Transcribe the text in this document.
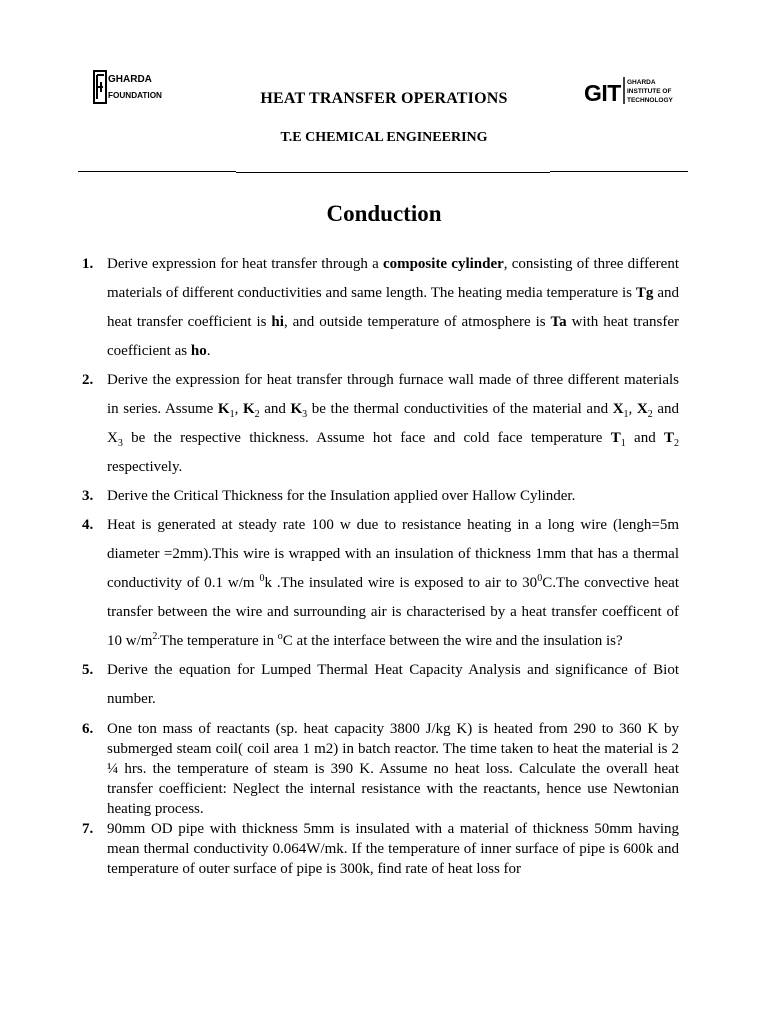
GHARDA
FOUNDATION	GIT GHARDA
INSTITUTE OF
TECHNOLOGY
HEAT TRANSFER OPERATIONS
T.E CHEMICAL ENGINEERING
Conduction
1. Derive expression for heat transfer through a composite cylinder, consisting of three different materials of different conductivities and same length. The heating media temperature is Tg and heat transfer coefficient is hi, and outside temperature of atmosphere is Ta with heat transfer coefficient as ho.
2. Derive the expression for heat transfer through furnace wall made of three different materials in series. Assume $K_1$, $K_2$ and $K_3$ be the thermal conductivities of the material and $X_1$, $X_2$ and $X_3$ be the respective thickness. Assume hot face and cold face temperature $T_1$ and $T_2$ respectively.
3. Derive the Critical Thickness for the Insulation applied over Hallow Cylinder.
4. Heat is generated at steady rate 100 w due to resistance heating in a long wire (lengh=5m diameter =2mm).This wire is wrapped with an insulation of thickness 1mm that has a thermal conductivity of 0.1 w/m $^0$k .The insulated wire is exposed to air to $30^0C.The$ convective heat transfer between the wire and surrounding air is characterised by a heat transfer coefficent of 10 $w/m^{2.}The$ temperature in $^o$C at the interface between the wire and the insulation is?
5. Derive the equation for Lumped Thermal Heat Capacity Analysis and significance of Biot number.
6. One ton mass of reactants (sp. heat capacity 3800 J/kg K) is heated from 290 to 360 K by submerged steam coil( coil area 1 m2) in batch reactor. The time taken to heat the material is 2 ¼ hrs. the temperature of steam is 390 K. Assume no heat loss. Calculate the overall heat transfer coefficient: Neglect the internal resistance with the reactants, hence use Newtonian heating process.
7. 90mm OD pipe with thickness 5mm is insulated with a material of thickness 50mm having mean thermal conductivity 0.064W/mk. If the temperature of inner surface of pipe is 600k and temperature of outer surface of pipe is 300k, find rate of heat loss for
